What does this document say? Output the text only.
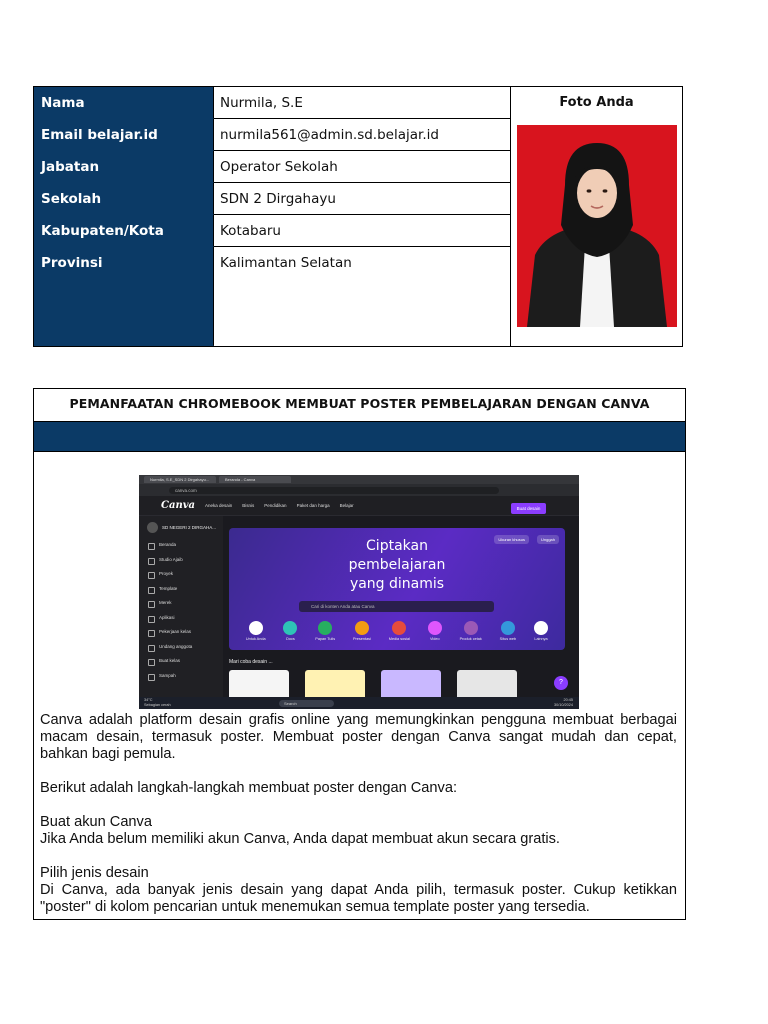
Nama	Nurmila, S.E
Email belajar.id	nurmila561@admin.sd.belajar.id
Jabatan	Operator Sekolah
Sekolah	SDN 2 Dirgahayu
Kabupaten/Kota	Kotabaru
Provinsi	Kalimantan Selatan
Foto Anda
PEMANFAATAN CHROMEBOOK MEMBUAT POSTER PEMBELAJARAN DENGAN CANVA
Nurmila, S.E_SDN 2 Dirgahayu...	Beranda - Canva
canva.com
Canva Aneka desain Bisnis Pendidikan Paket dan harga Belajar
Buat desain
SD NEGERI 2 DIRGAHA...
Beranda
Studio Ajaib
Proyek
Template
Merek
Aplikasi
Pekerjaan kelas
Undang anggota
Buat kelas
Sampah
Ukuran khusus	Unggah
Ciptakan
pembelajaran
yang dinamis
Cari di konten Anda atau Canva
Untuk Anda	Docs	Papan Tulis	Presentasi	Media sosial	Video	Produk cetak	Situs web	Lainnya
Mari coba desain ...
?
34°C
Sebagian cerah	Search
20:45
30/10/2024

Canva adalah platform desain grafis online yang memungkinkan pengguna membuat berbagai macam desain, termasuk poster. Membuat poster dengan Canva sangat mudah dan cepat, bahkan bagi pemula.

Berikut adalah langkah-langkah membuat poster dengan Canva:

Buat akun Canva

Jika Anda belum memiliki akun Canva, Anda dapat membuat akun secara gratis.

Pilih jenis desain

Di Canva, ada banyak jenis desain yang dapat Anda pilih, termasuk poster. Cukup ketikkan "poster" di kolom pencarian untuk menemukan semua template poster yang tersedia.
